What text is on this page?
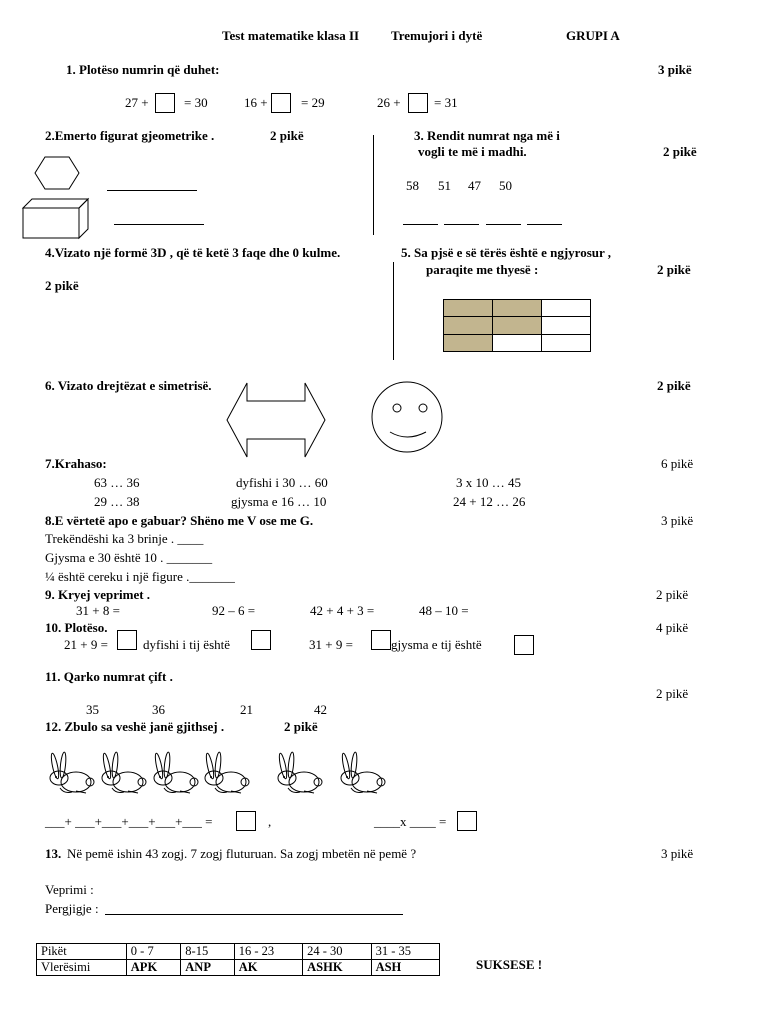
Test matematike klasa II Tremujori i dytë	GRUPI A
1. Plotëso numrin që duhet:	3 pikë
27 +	= 30	16 +	= 29	26 +	= 31
2.Emerto figurat gjeometrike .	2 pikë	3. Rendit numrat nga më i
vogli te më i madhi.	2 pikë
58 51 47 50
4.Vizato një formë 3D , që të ketë 3 faqe dhe 0 kulme.
2 pikë
5. Sa pjsë e së tërës është e ngjyrosur ,
paraqite me thyesë :	2 pikë

6. Vizato drejtëzat e simetrisë.	2 pikë
7.Krahaso:	6 pikë
63 … 36	dyfishi i 30 … 60	3 x 10 … 45
29 … 38	gjysma e 16 … 10	24 + 12 … 26
8.E vërtetë apo e gabuar? Shëno me V ose me G.	3 pikë
Trekëndëshi ka 3 brinje . ____
Gjysma e 30 është 10 . _______
¼ është cereku i një figure ._______
9. Kryej veprimet .	2 pikë
31 + 8 =	92 – 6 =	42 + 4 + 3 =	48 – 10 =
10. Plotëso.	4 pikë
21 + 9 =	dyfishi i tij është	31 + 9 =	gjysma e tij është
11. Qarko numrat çift .
2 pikë
35	36	21	42
12. Zbulo sa veshë janë gjithsej .	2 pikë
___+ ___+___+___+___+___ =	,	____x ____ =
13. Në pemë ishin 43 zogj. 7 zogj fluturuan. Sa zogj mbetën në pemë ?	3 pikë
Veprimi :
Pergjigje :
Pikët	0 - 7	8-15	16 - 23	24 - 30	31 - 35
Vlerësimi	APK	ANP	AK	ASHK	ASH	SUKSESE !
